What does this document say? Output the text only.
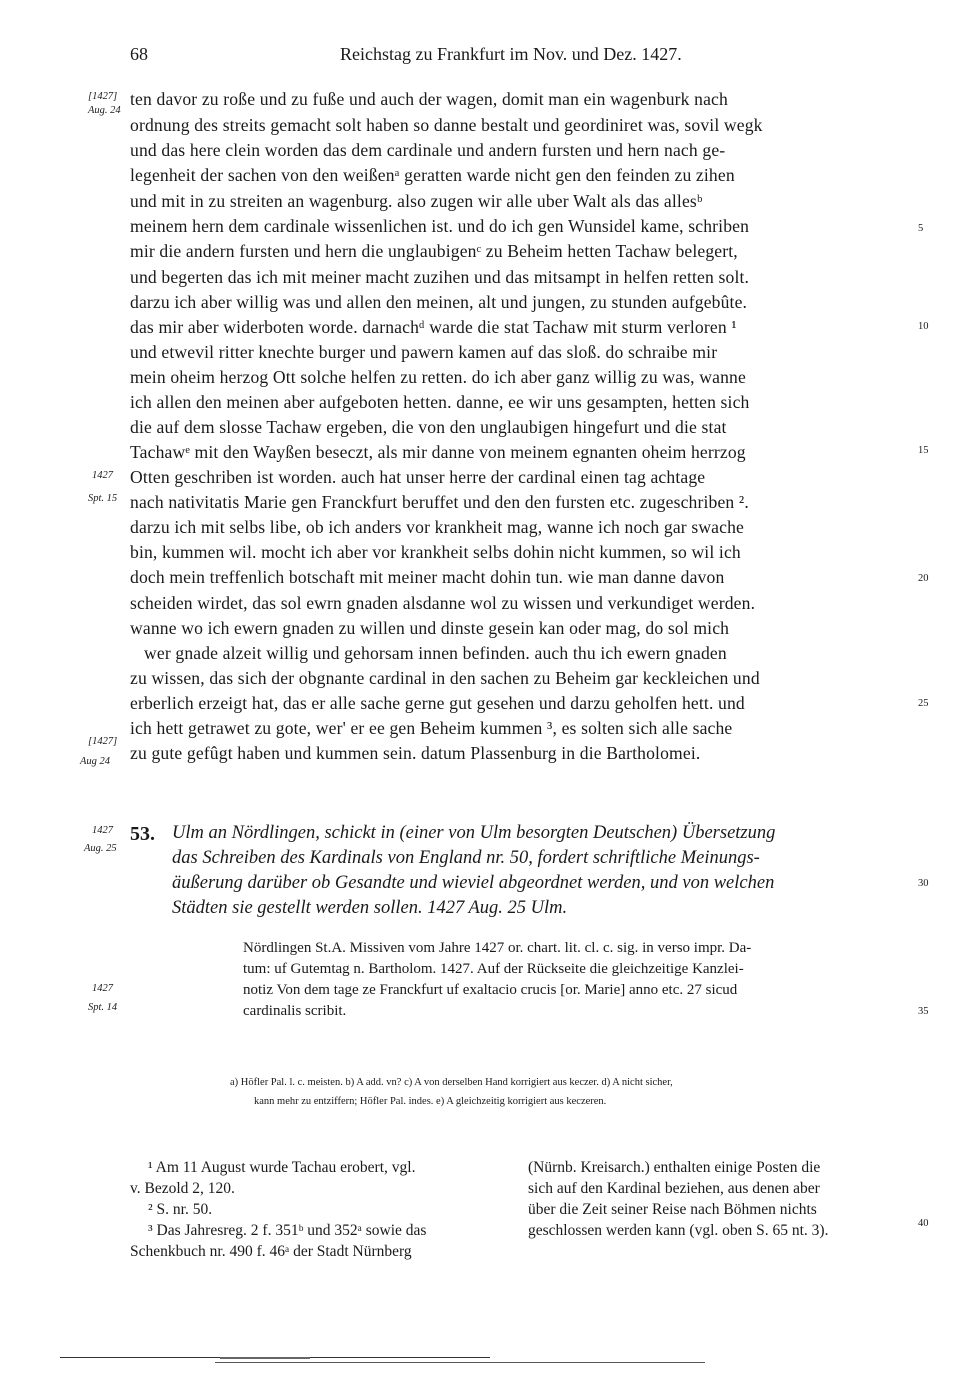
68	Reichstag zu Frankfurt im Nov. und Dez. 1427.
[1427]
Aug. 24
1427
Spt. 15
[1427]
Aug 24
1427
Aug. 25
1427
Spt. 14
5
10
15
20
25
30
35
40
ten davor zu roße und zu fuße und auch der wagen, domit man ein wagenburk nach
ordnung des streits gemacht solt haben so danne bestalt und geordiniret was, sovil wegk
und das here clein worden das dem cardinale und andern fursten und hern nach ge-
legenheit der sachen von den weißenᵃ geratten warde nicht gen den feinden zu zihen
und mit in zu streiten an wagenburg. also zugen wir alle uber Walt als das allesᵇ
meinem hern dem cardinale wissenlichen ist. und do ich gen Wunsidel kame, schriben
mir die andern fursten und hern die unglaubigenᶜ zu Beheim hetten Tachaw belegert,
und begerten das ich mit meiner macht zuzihen und das mitsampt in helfen retten solt.
darzu ich aber willig was und allen den meinen, alt und jungen, zu stunden aufgebûte.
das mir aber widerboten worde. darnachᵈ warde die stat Tachaw mit sturm verloren ¹
und etwevil ritter knechte burger und pawern kamen auf das sloß. do schraibe mir
mein oheim herzog Ott solche helfen zu retten. do ich aber ganz willig zu was, wanne
ich allen den meinen aber aufgeboten hetten. danne, ee wir uns gesampten, hetten sich
die auf dem slosse Tachaw ergeben, die von den unglaubigen hingefurt und die stat
Tachawᵉ mit den Wayßen beseczt, als mir danne von meinem egnanten oheim herrzog
Otten geschriben ist worden. auch hat unser herre der cardinal einen tag achtage
nach nativitatis Marie gen Franckfurt beruffet und den den fursten etc. zugeschriben ².
darzu ich mit selbs libe, ob ich anders vor krankheit mag, wanne ich noch gar swache
bin, kummen wil. mocht ich aber vor krankheit selbs dohin nicht kummen, so wil ich
doch mein treffenlich botschaft mit meiner macht dohin tun. wie man danne davon
scheiden wirdet, das sol ewrn gnaden alsdanne wol zu wissen und verkundiget werden.
wanne wo ich ewern gnaden zu willen und dinste gesein kan oder mag, do sol mich
wer gnade alzeit willig und gehorsam innen befinden. auch thu ich ewern gnaden
zu wissen, das sich der obgnante cardinal in den sachen zu Beheim gar keckleichen und
erberlich erzeigt hat, das er alle sache gerne gut gesehen und darzu geholfen hett. und
ich hett getrawet zu gote, wer' er ee gen Beheim kummen ³, es solten sich alle sache
zu gute gefûgt haben und kummen sein. datum Plassenburg in die Bartholomei.
53. Ulm an Nördlingen, schickt in (einer von Ulm besorgten Deutschen) Übersetzung
das Schreiben des Kardinals von England nr. 50, fordert schriftliche Meinungs-
äußerung darüber ob Gesandte und wieviel abgeordnet werden, und von welchen
Städten sie gestellt werden sollen. 1427 Aug. 25 Ulm.
Nördlingen St.A. Missiven vom Jahre 1427 or. chart. lit. cl. c. sig. in verso impr. Da-
tum: uf Gutemtag n. Bartholom. 1427. Auf der Rückseite die gleichzeitige Kanzlei-
notiz Von dem tage ze Franckfurt uf exaltacio crucis [or. Marie] anno etc. 27 sicud
cardinalis scribit.
a) Höfler Pal. l. c. meisten. b) A add. vn? c) A von derselben Hand korrigiert aus keczer. d) A nicht sicher,
kann mehr zu entziffern; Höfler Pal. indes. e) A gleichzeitig korrigiert aus keczeren.
¹ Am 11 August wurde Tachau erobert, vgl.
v. Bezold 2, 120.
² S. nr. 50.
³ Das Jahresreg. 2 f. 351ᵇ und 352ᵃ sowie das
Schenkbuch nr. 490 f. 46ᵃ der Stadt Nürnberg
(Nürnb. Kreisarch.) enthalten einige Posten die
sich auf den Kardinal beziehen, aus denen aber
über die Zeit seiner Reise nach Böhmen nichts
geschlossen werden kann (vgl. oben S. 65 nt. 3).
